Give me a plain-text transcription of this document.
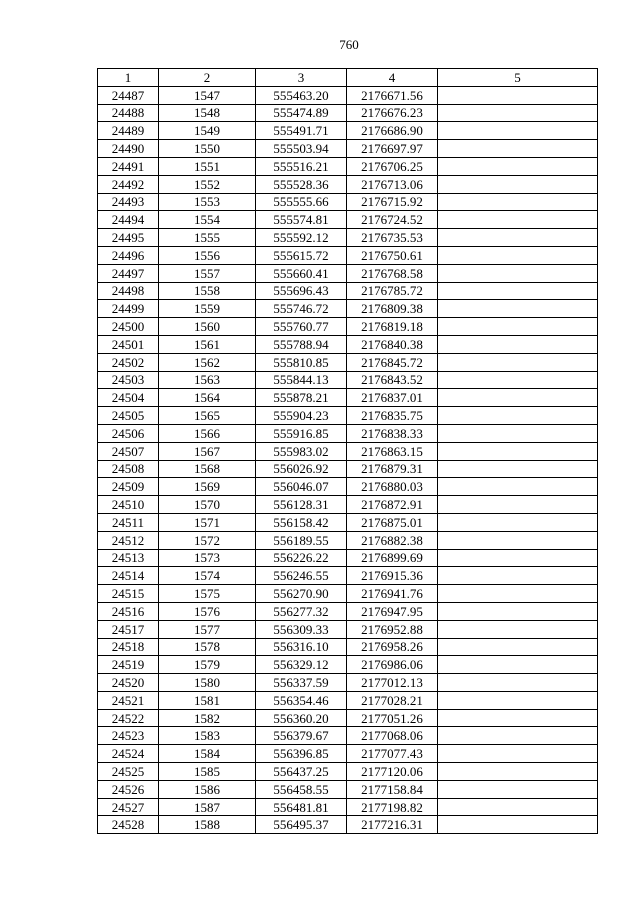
760
1	2	3	4	5
24487	1547	555463.20	2176671.56	
24488	1548	555474.89	2176676.23	
24489	1549	555491.71	2176686.90	
24490	1550	555503.94	2176697.97	
24491	1551	555516.21	2176706.25	
24492	1552	555528.36	2176713.06	
24493	1553	555555.66	2176715.92	
24494	1554	555574.81	2176724.52	
24495	1555	555592.12	2176735.53	
24496	1556	555615.72	2176750.61	
24497	1557	555660.41	2176768.58	
24498	1558	555696.43	2176785.72	
24499	1559	555746.72	2176809.38	
24500	1560	555760.77	2176819.18	
24501	1561	555788.94	2176840.38	
24502	1562	555810.85	2176845.72	
24503	1563	555844.13	2176843.52	
24504	1564	555878.21	2176837.01	
24505	1565	555904.23	2176835.75	
24506	1566	555916.85	2176838.33	
24507	1567	555983.02	2176863.15	
24508	1568	556026.92	2176879.31	
24509	1569	556046.07	2176880.03	
24510	1570	556128.31	2176872.91	
24511	1571	556158.42	2176875.01	
24512	1572	556189.55	2176882.38	
24513	1573	556226.22	2176899.69	
24514	1574	556246.55	2176915.36	
24515	1575	556270.90	2176941.76	
24516	1576	556277.32	2176947.95	
24517	1577	556309.33	2176952.88	
24518	1578	556316.10	2176958.26	
24519	1579	556329.12	2176986.06	
24520	1580	556337.59	2177012.13	
24521	1581	556354.46	2177028.21	
24522	1582	556360.20	2177051.26	
24523	1583	556379.67	2177068.06	
24524	1584	556396.85	2177077.43	
24525	1585	556437.25	2177120.06	
24526	1586	556458.55	2177158.84	
24527	1587	556481.81	2177198.82	
24528	1588	556495.37	2177216.31	
